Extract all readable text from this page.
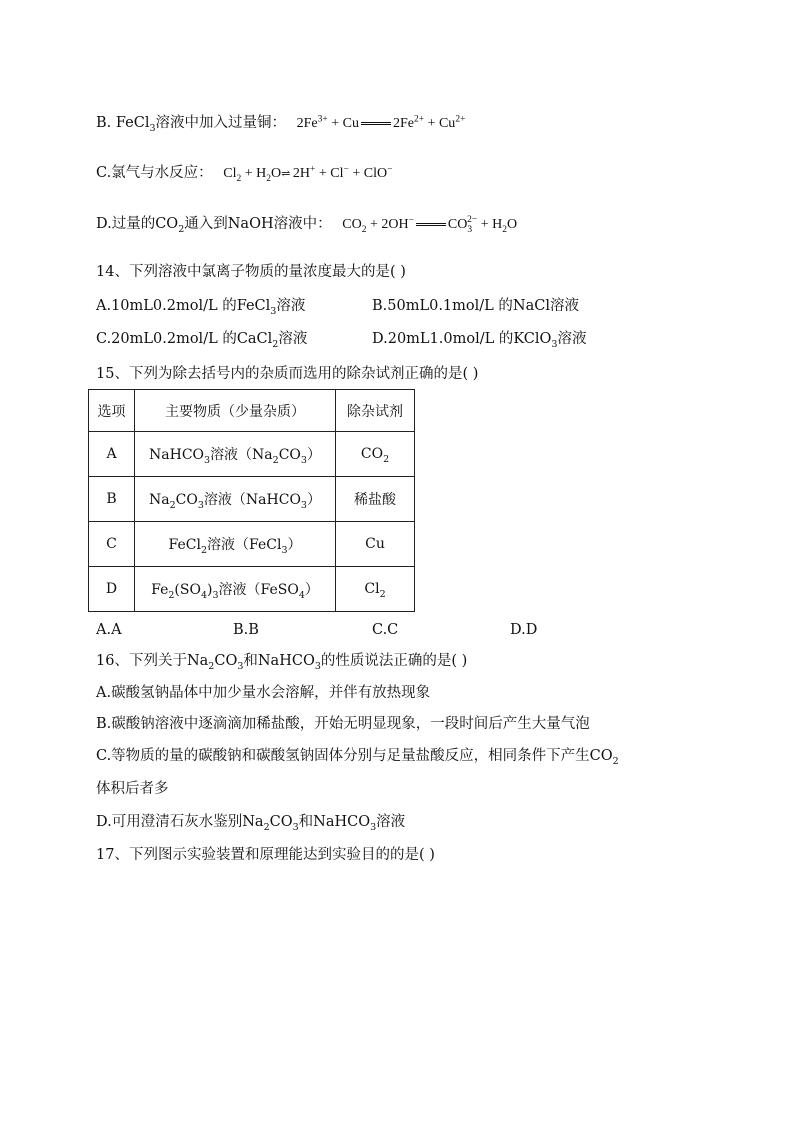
B. FeCl$_3$溶液中加入过量铜： $2Fe^{3+} + Cu$ $2Fe^{2+} + Cu^{2+}$
C.氯气与水反应： $Cl_2$ + $H_2O\rightleftharpoons$ 2H+ + Cl− + ClO−
D.过量的$CO_2$通入到NaOH溶液中： $CO_2 + 2OH^-$ $CO_3^{2-} + H_2O$
14、下列溶液中氯离子物质的量浓度最大的是( )
A.10mL0.2mol/L 的FeCl$_3$溶液	B.50mL0.1mol/L 的NaCl溶液
C.20mL0.2mol/L 的CaCl$_2$溶液	D.20mL1.0mol/L 的KClO$_3$溶液
15、下列为除去括号内的杂质而选用的除杂试剂正确的是( )
选项	主要物质（少量杂质）	除杂试剂
A	NaHCO$_3$溶液$(Na_2CO_3)$	$CO_2$
B	$Na_2CO_3$溶液（NaHCO$_3$）	稀盐酸
C	FeCl$_2$溶液（FeCl$_3$）	Cu
D	$Fe_2(SO_4)_3$溶液（FeSO$_4$）	$Cl_2$
A.A	B.B	C.C	D.D
16、下列关于$Na_2CO_3$和NaHCO$_3$的性质说法正确的是( )
A.碳酸氢钠晶体中加少量水会溶解，并伴有放热现象
B.碳酸钠溶液中逐滴滴加稀盐酸，开始无明显现象，一段时间后产生大量气泡
C.等物质的量的碳酸钠和碳酸氢钠固体分别与足量盐酸反应，相同条件下产生$CO_2$
体积后者多
D.可用澄清石灰水鉴别$Na_2CO_3$和NaHCO$_3$溶液
17、下列图示实验装置和原理能达到实验目的的是( )
